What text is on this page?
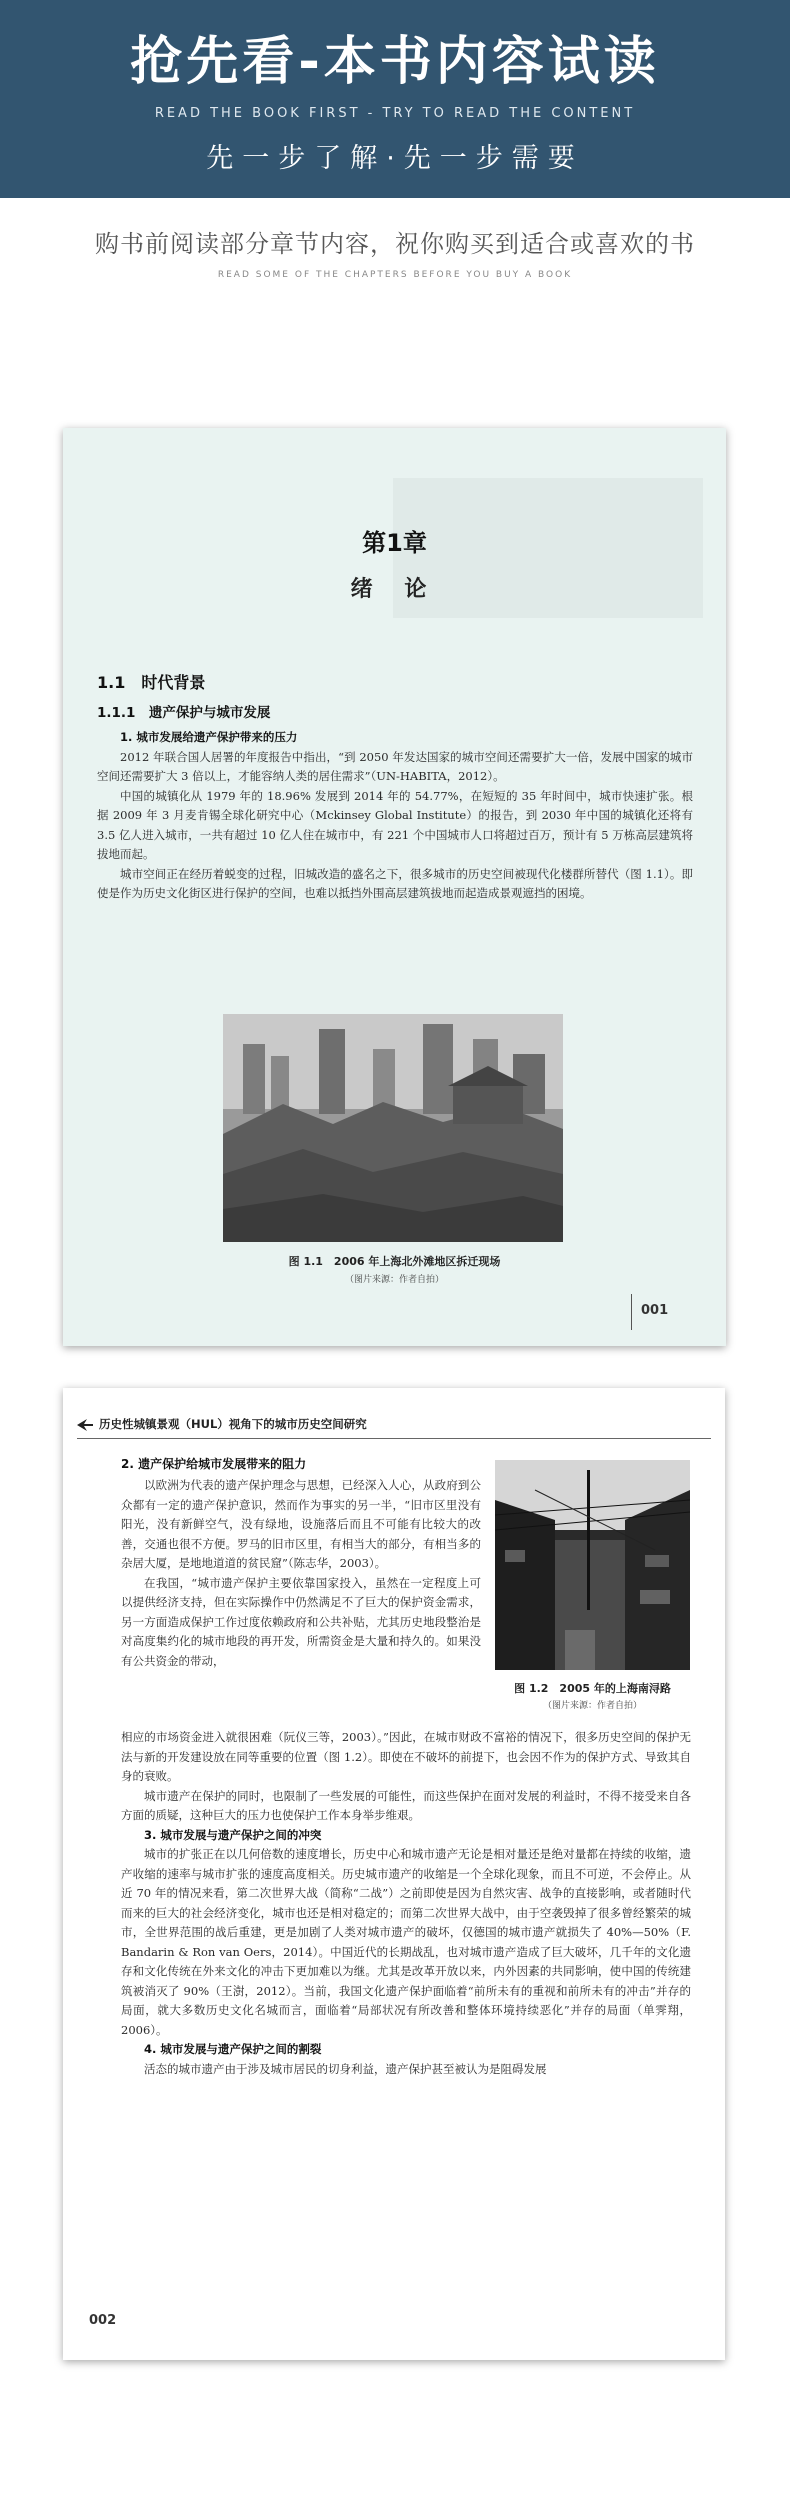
抢先看-本书内容试读
READ THE BOOK FIRST - TRY TO READ THE CONTENT
先一步了解·先一步需要
购书前阅读部分章节内容，祝你购买到适合或喜欢的书
READ SOME OF THE CHAPTERS BEFORE YOU BUY A BOOK
第1章
绪 论
1.1　时代背景
1.1.1　遗产保护与城市发展

1. 城市发展给遗产保护带来的压力

2012 年联合国人居署的年度报告中指出，“到 2050 年发达国家的城市空间还需要扩大一倍，发展中国家的城市空间还需要扩大 3 倍以上，才能容纳人类的居住需求”（UN-HABITA，2012）。

中国的城镇化从 1979 年的 18.96% 发展到 2014 年的 54.77%，在短短的 35 年时间中，城市快速扩张。根据 2009 年 3 月麦肯锡全球化研究中心（Mckinsey Global Institute）的报告，到 2030 年中国的城镇化还将有 3.5 亿人进入城市，一共有超过 10 亿人住在城市中，有 221 个中国城市人口将超过百万，预计有 5 万栋高层建筑将拔地而起。

城市空间正在经历着蜕变的过程，旧城改造的盛名之下，很多城市的历史空间被现代化楼群所替代（图 1.1）。即使是作为历史文化街区进行保护的空间，也难以抵挡外围高层建筑拔地而起造成景观遮挡的困境。

图 1.1　2006 年上海北外滩地区拆迁现场
（图片来源：作者自拍）
001
历史性城镇景观（HUL）视角下的城市历史空间研究
2. 遗产保护给城市发展带来的阻力

以欧洲为代表的遗产保护理念与思想，已经深入人心，从政府到公众都有一定的遗产保护意识，然而作为事实的另一半，“旧市区里没有阳光，没有新鲜空气，没有绿地，设施落后而且不可能有比较大的改善，交通也很不方便。罗马的旧市区里，有相当大的部分，有相当多的杂居大厦，是地地道道的贫民窟”（陈志华，2003）。

在我国，“城市遗产保护主要依靠国家投入，虽然在一定程度上可以提供经济支持，但在实际操作中仍然满足不了巨大的保护资金需求，另一方面造成保护工作过度依赖政府和公共补贴，尤其历史地段整治是对高度集约化的城市地段的再开发，所需资金是大量和持久的。如果没有公共资金的带动，

图 1.2　2005 年的上海南浔路
（图片来源：作者自拍）

相应的市场资金进入就很困难（阮仪三等，2003）。”因此，在城市财政不富裕的情况下，很多历史空间的保护无法与新的开发建设放在同等重要的位置（图 1.2）。即使在不破坏的前提下，也会因不作为的保护方式、导致其自身的衰败。

城市遗产在保护的同时，也限制了一些发展的可能性，而这些保护在面对发展的利益时，不得不接受来自各方面的质疑，这种巨大的压力也使保护工作本身举步维艰。

3. 城市发展与遗产保护之间的冲突

城市的扩张正在以几何倍数的速度增长，历史中心和城市遗产无论是相对量还是绝对量都在持续的收缩，遗产收缩的速率与城市扩张的速度高度相关。历史城市遗产的收缩是一个全球化现象，而且不可逆，不会停止。从近 70 年的情况来看，第二次世界大战（简称“二战”）之前即使是因为自然灾害、战争的直接影响，或者随时代而来的巨大的社会经济变化，城市也还是相对稳定的；而第二次世界大战中，由于空袭毁掉了很多曾经繁荣的城市，全世界范围的战后重建，更是加剧了人类对城市遗产的破坏，仅德国的城市遗产就损失了 40%—50%（F. Bandarin & Ron van Oers，2014）。中国近代的长期战乱，也对城市遗产造成了巨大破坏，几千年的文化遗存和文化传统在外来文化的冲击下更加难以为继。尤其是改革开放以来，内外因素的共同影响，使中国的传统建筑被消灭了 90%（王澍，2012）。当前，我国文化遗产保护面临着“前所未有的重视和前所未有的冲击”并存的局面，就大多数历史文化名城而言，面临着“局部状况有所改善和整体环境持续恶化”并存的局面（单霁翔，2006）。

4. 城市发展与遗产保护之间的割裂

活态的城市遗产由于涉及城市居民的切身利益，遗产保护甚至被认为是阻碍发展

002
